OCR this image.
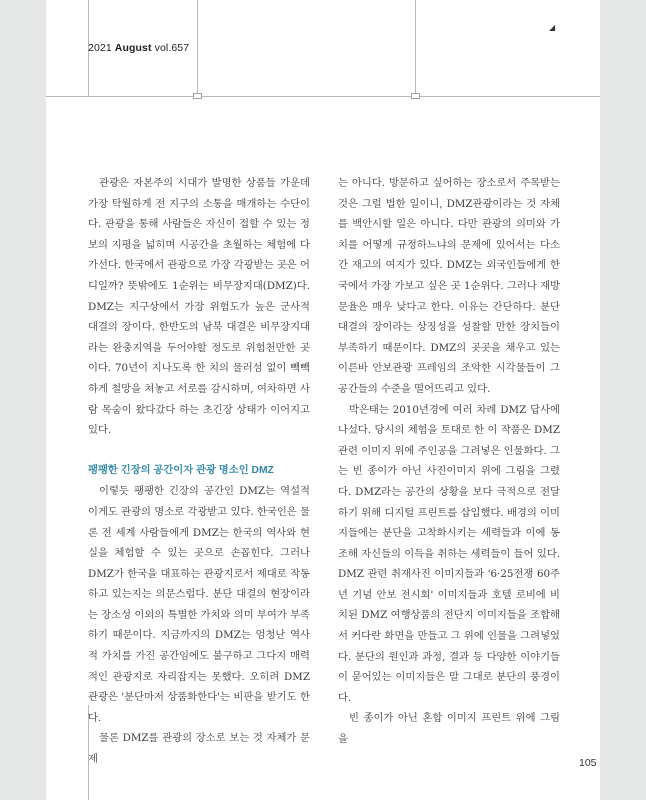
◢
2021 August vol.657

관광은 자본주의 시대가 발명한 상품들 가운데 가장 탁월하게 전 지구의 소통을 매개하는 수단이다. 관광을 통해 사람들은 자신이 접할 수 있는 정보의 지평을 넓히며 시공간을 초월하는 체험에 다가선다. 한국에서 관광으로 가장 각광받는 곳은 어디일까? 뜻밖에도 1순위는 비무장지대(DMZ)다. DMZ는 지구상에서 가장 위험도가 높은 군사적 대결의 장이다. 한반도의 남북 대결은 비무장지대라는 완충지역을 두어야할 정도로 위험천만한 곳이다. 70년이 지나도록 한 치의 물러섬 없이 빽빽하게 철망을 쳐놓고 서로를 감시하며, 여차하면 사람 목숨이 왔다갔다 하는 초긴장 상태가 이어지고 있다.

팽팽한 긴장의 공간이자 관광 명소인 DMZ

이렇듯 팽팽한 긴장의 공간인 DMZ는 역설적이게도 관광의 명소로 각광받고 있다. 한국인은 물론 전 세계 사람들에게 DMZ는 한국의 역사와 현실을 체험할 수 있는 곳으로 손꼽힌다. 그러나 DMZ가 한국을 대표하는 관광지로서 제대로 작동하고 있는지는 의문스럽다. 분단 대결의 현장이라는 장소성 이외의 특별한 가치와 의미 부여가 부족하기 때문이다. 지금까지의 DMZ는 엄청난 역사적 가치를 가진 공간임에도 불구하고 그다지 매력적인 관광지로 자리잡지는 못했다. 오히려 DMZ관광은 '분단마저 상품화한다'는 비판을 받기도 한다.

물론 DMZ를 관광의 장소로 보는 것 자체가 문제

는 아니다. 방문하고 싶어하는 장소로서 주목받는 것은 그럴 법한 일이니, DMZ관광이라는 것 자체를 백안시할 일은 아니다. 다만 관광의 의미와 가치를 어떻게 규정하느냐의 문제에 있어서는 다소간 재고의 여지가 있다. DMZ는 외국인들에게 한국에서 가장 가보고 싶은 곳 1순위다. 그러나 재방문율은 매우 낮다고 한다. 이유는 간단하다. 분단 대결의 장이라는 상징성을 성찰할 만한 장치들이 부족하기 때문이다. DMZ의 곳곳을 채우고 있는 이른바 안보관광 프레임의 조악한 시각물들이 그 공간들의 수준을 떨어뜨리고 있다.

박은태는 2010년경에 여러 차례 DMZ 답사에 나섰다. 당시의 체험을 토대로 한 이 작품은 DMZ 관련 이미지 위에 주인공을 그려넣은 인물화다. 그는 빈 종이가 아닌 사진이미지 위에 그림을 그렸다. DMZ라는 공간의 상황을 보다 극적으로 전달하기 위해 디지털 프린트를 삽입했다. 배경의 이미지들에는 분단을 고착화시키는 세력들과 이에 동조해 자신들의 이득을 취하는 세력들이 들어 있다. DMZ 관련 취재사진 이미지들과 '6·25전쟁 60주년 기념 안보 전시회' 이미지들과 호텔 로비에 비치된 DMZ 여행상품의 전단지 이미지들을 조합해서 커다란 화면을 만들고 그 위에 인물을 그려넣었다. 분단의 원인과 과정, 결과 등 다양한 이야기들이 묻어있는 이미지들은 말 그대로 분단의 풍경이다.

빈 종이가 아닌 혼합 이미지 프린트 위에 그림을

105
